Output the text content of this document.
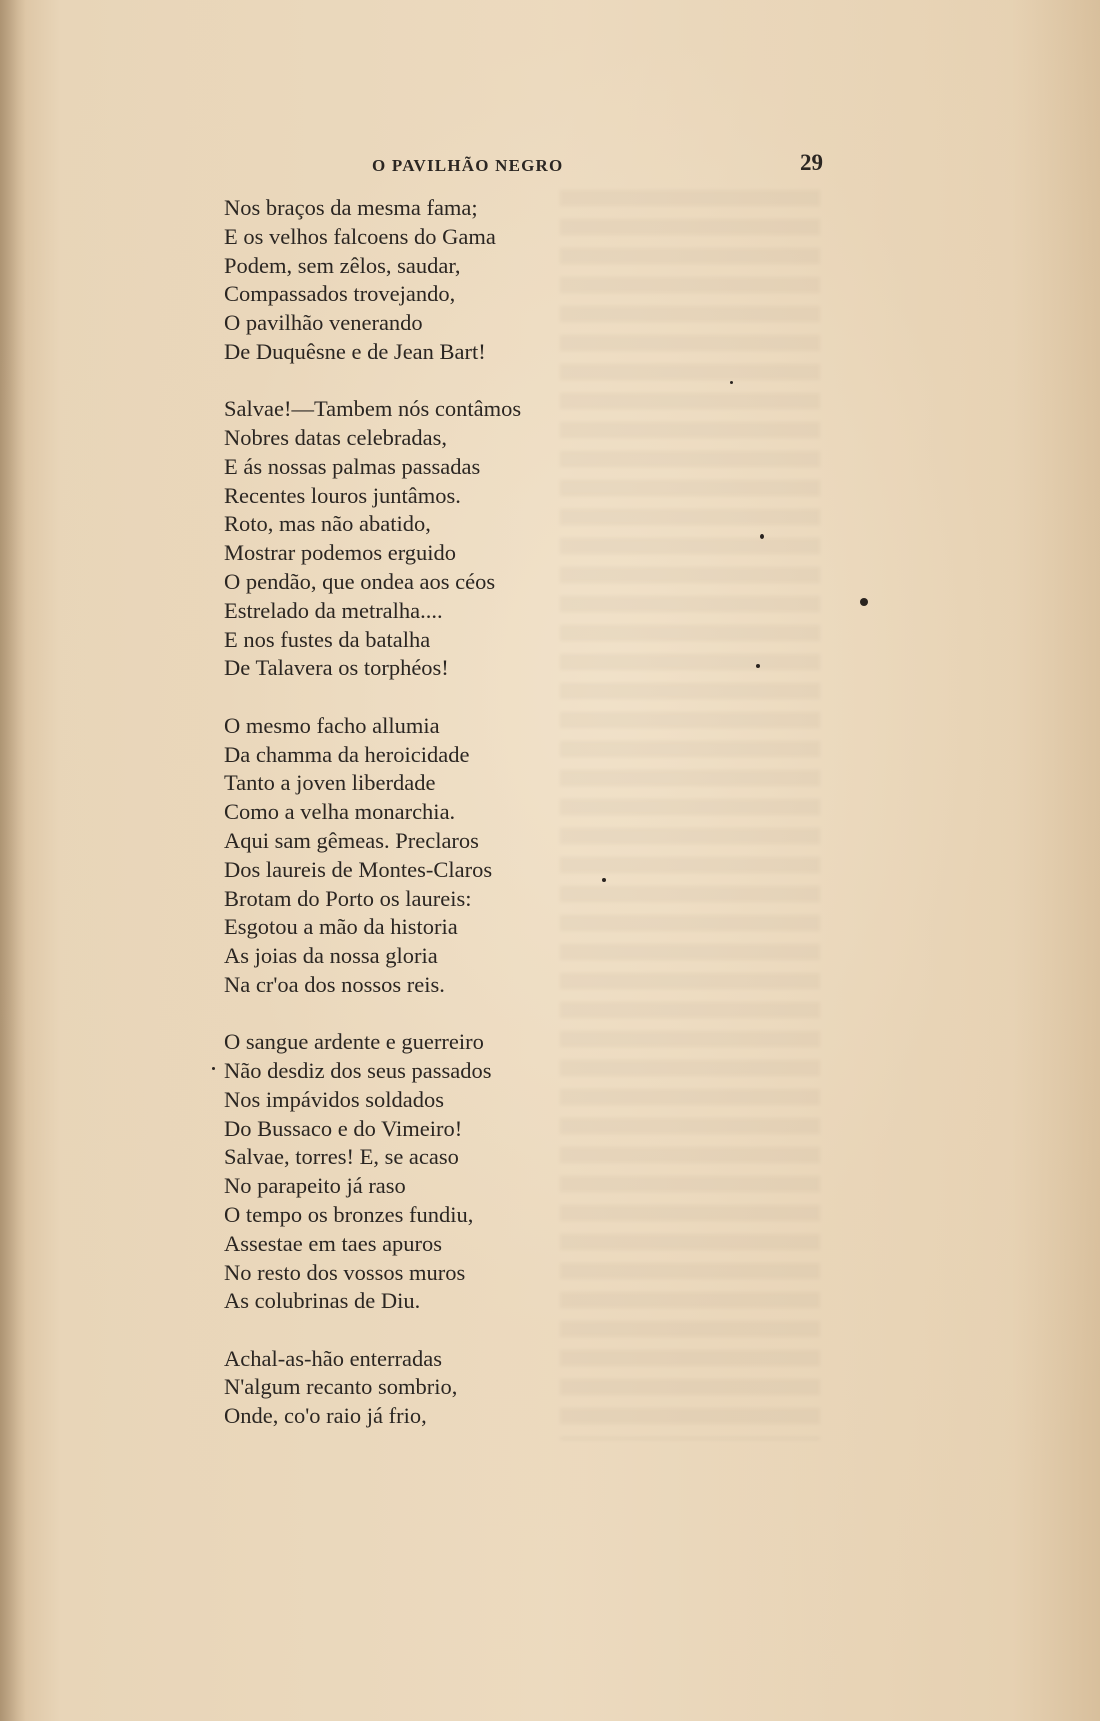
O PAVILHÃO NEGRO	29
Nos braços da mesma fama;
E os velhos falcoens do Gama
Podem, sem zêlos, saudar,
Compassados trovejando,
O pavilhão venerando
De Duquêsne e de Jean Bart!
Salvae!—Tambem nós contâmos
Nobres datas celebradas,
E ás nossas palmas passadas
Recentes louros juntâmos.
Roto, mas não abatido,
Mostrar podemos erguido
O pendão, que ondea aos céos
Estrelado da metralha....
E nos fustes da batalha
De Talavera os torphéos!
O mesmo facho allumia
Da chamma da heroicidade
Tanto a joven liberdade
Como a velha monarchia.
Aqui sam gêmeas. Preclaros
Dos laureis de Montes-Claros
Brotam do Porto os laureis:
Esgotou a mão da historia
As joias da nossa gloria
Na cr'oa dos nossos reis.
O sangue ardente e guerreiro
Não desdiz dos seus passados
Nos impávidos soldados
Do Bussaco e do Vimeiro!
Salvae, torres! E, se acaso
No parapeito já raso
O tempo os bronzes fundiu,
Assestae em taes apuros
No resto dos vossos muros
As colubrinas de Diu.
Achal-as-hão enterradas
N'algum recanto sombrio,
Onde, co'o raio já frio,
